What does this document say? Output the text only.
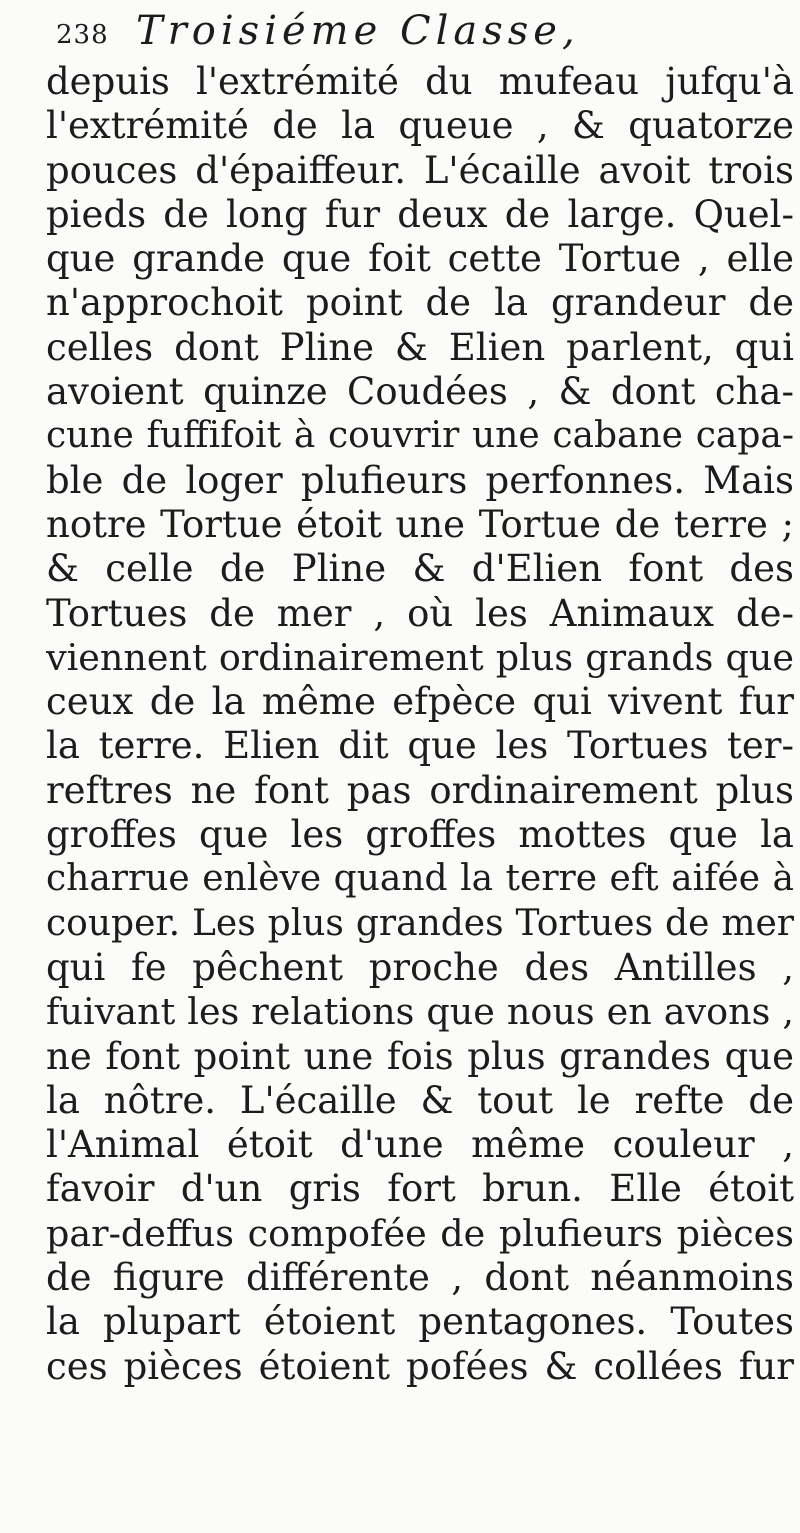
238 Troisiéme Classe,
depuis l'extrémité du mufeau jufqu'à
l'extrémité de la queue , & quatorze
pouces d'épaiffeur. L'écaille avoit trois
pieds de long fur deux de large. Quel-
que grande que foit cette Tortue , elle
n'approchoit point de la grandeur de
celles dont Pline & Elien parlent, qui
avoient quinze Coudées , & dont cha-
cune fuffifoit à couvrir une cabane capa-
ble de loger plufieurs perfonnes. Mais
notre Tortue étoit une Tortue de terre ;
& celle de Pline & d'Elien font des
Tortues de mer , où les Animaux de-
viennent ordinairement plus grands que
ceux de la même efpèce qui vivent fur
la terre. Elien dit que les Tortues ter-
reftres ne font pas ordinairement plus
groffes que les groffes mottes que la
charrue enlève quand la terre eft aifée à
couper. Les plus grandes Tortues de mer
qui fe pêchent proche des Antilles ,
fuivant les relations que nous en avons ,
ne font point une fois plus grandes que
la nôtre. L'écaille & tout le refte de
l'Animal étoit d'une même couleur ,
favoir d'un gris fort brun. Elle étoit
par-deffus compofée de plufieurs pièces
de figure différente , dont néanmoins
la plupart étoient pentagones. Toutes
ces pièces étoient pofées & collées fur
